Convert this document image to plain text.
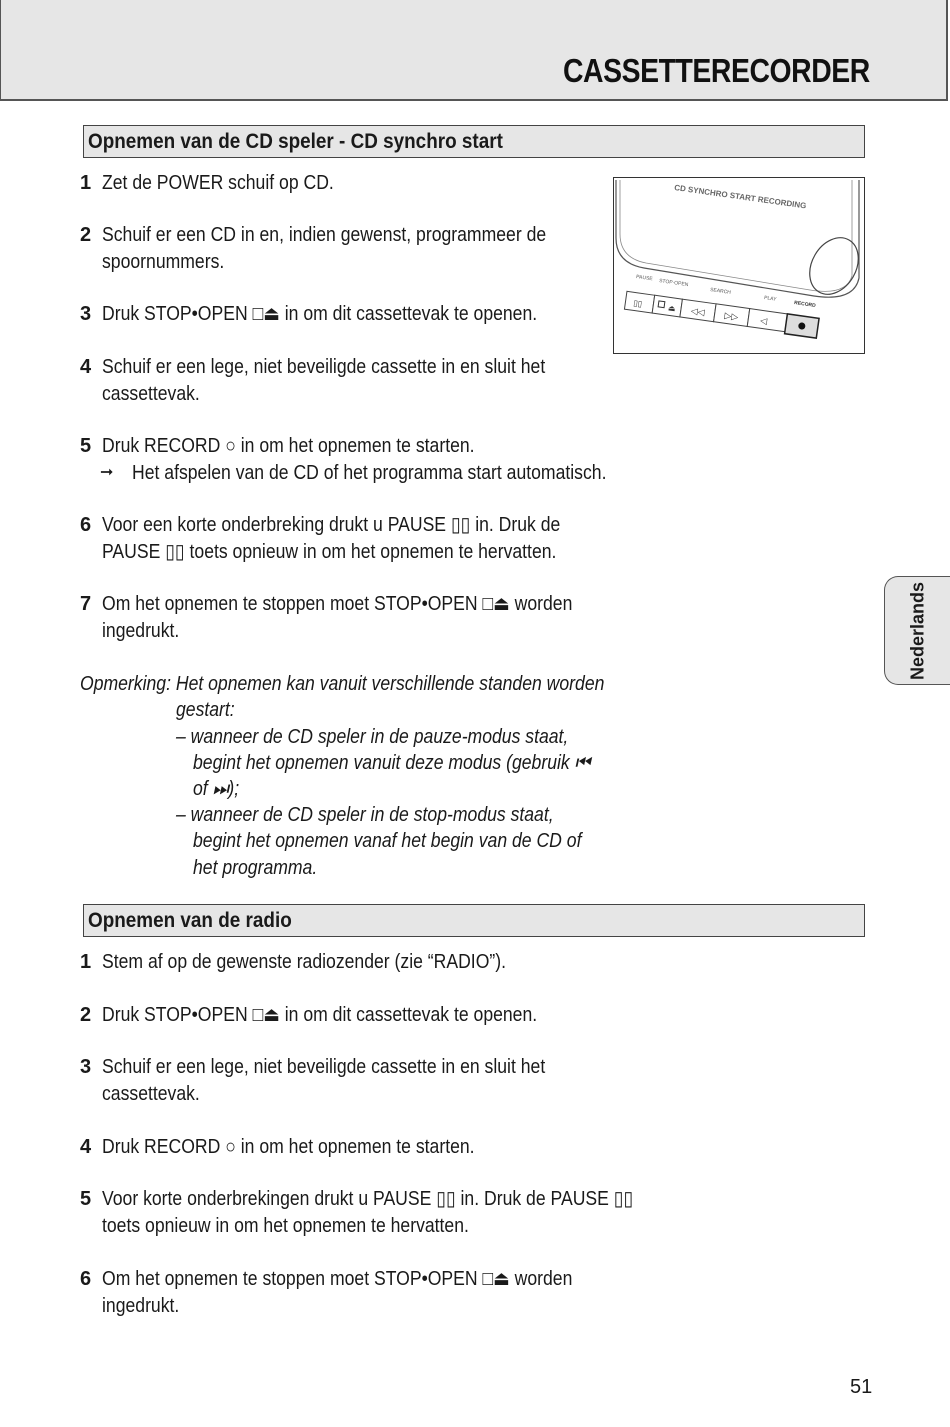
CASSETTERECORDER
Opnemen van de CD speler - CD synchro start
1 Zet de POWER schuif op CD.
2 Schuif er een CD in en, indien gewenst, programmeer de
spoornummers.
3 Druk STOP•OPEN □⏏ in om dit cassettevak te openen.
4 Schuif er een lege, niet beveiligde cassette in en sluit het
cassettevak.
5 Druk RECORD ○ in om het opnemen te starten.
➞ Het afspelen van de CD of het programma start automatisch.
6 Voor een korte onderbreking drukt u PAUSE ▯▯ in. Druk de
PAUSE ▯▯ toets opnieuw in om het opnemen te hervatten.
7 Om het opnemen te stoppen moet STOP•OPEN □⏏ worden
ingedrukt.
Opmerking: Het opnemen kan vanuit verschillende standen worden
gestart:
– wanneer de CD speler in de pauze-modus staat,
begint het opnemen vanuit deze modus (gebruik ⏮
of ⏭);
– wanneer de CD speler in de stop-modus staat,
begint het opnemen vanaf het begin van de CD of
het programma.
CD SYNCHRO START RECORDING
PAUSE STOP·OPEN
SEARCH
PLAY
RECORD
▯▯	⏏ ◁◁ ▷▷ ◁
Opnemen van de radio
1 Stem af op de gewenste radiozender (zie “RADIO”).
2 Druk STOP•OPEN □⏏ in om dit cassettevak te openen.
3 Schuif er een lege, niet beveiligde cassette in en sluit het
cassettevak.
4 Druk RECORD ○ in om het opnemen te starten.
5 Voor korte onderbrekingen drukt u PAUSE ▯▯ in. Druk de PAUSE ▯▯
toets opnieuw in om het opnemen te hervatten.
6 Om het opnemen te stoppen moet STOP•OPEN □⏏ worden
ingedrukt.
Nederlands
51
